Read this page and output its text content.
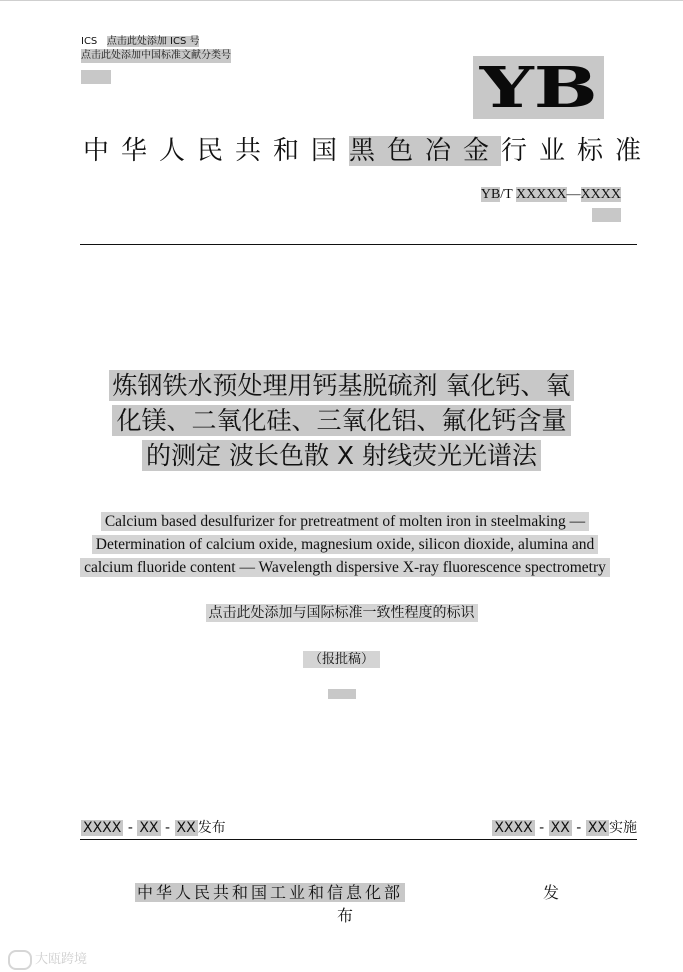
ICS 点击此处添加 ICS 号
点击此处添加中国标准文献分类号	YB
中华人民共和国黑色冶金行业标准
YB/T XXXXX—XXXX
炼钢铁水预处理用钙基脱硫剂 氧化钙、氧
化镁、二氧化硅、三氧化铝、氟化钙含量
的测定 波长色散 X 射线荧光光谱法
Calcium based desulfurizer for pretreatment of molten iron in steelmaking —
Determination of calcium oxide, magnesium oxide, silicon dioxide, alumina and
calcium fluoride content — Wavelength dispersive X-ray fluorescence spectrometry
点击此处添加与国际标准一致性程度的标识
（报批稿）
XXXX - XX - XX 发布	XXXX - XX - XX 实施
中华人民共和国工业和信息化部	发
布
大瓯跨境
